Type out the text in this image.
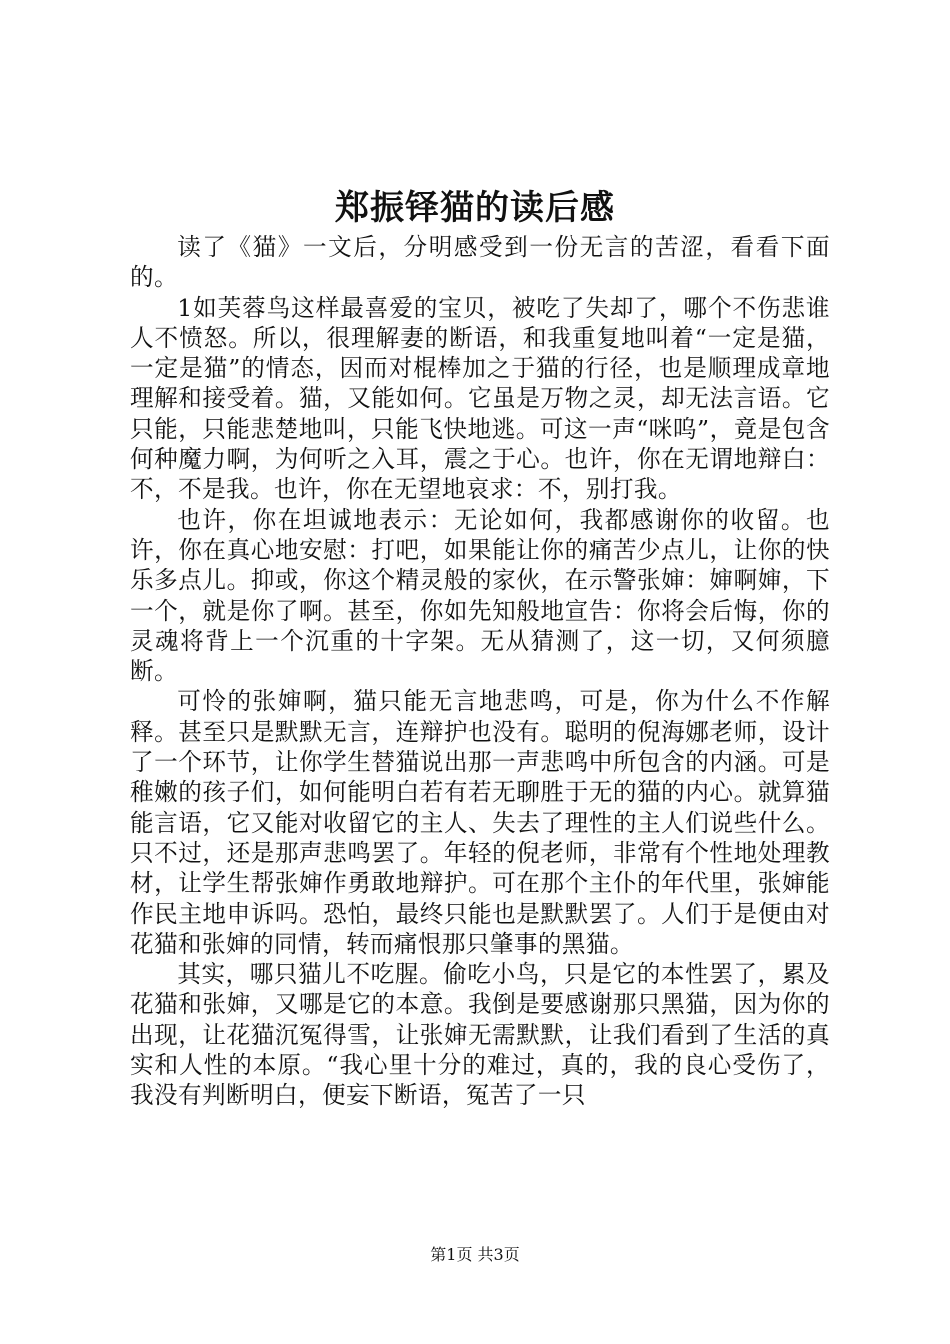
郑振铎猫的读后感

读了《猫》一文后，分明感受到一份无言的苦涩，看看下面的。

1如芙蓉鸟这样最喜爱的宝贝，被吃了失却了，哪个不伤悲谁人不愤怒。所以，很理解妻的断语，和我重复地叫着“一定是猫，一定是猫”的情态，因而对棍棒加之于猫的行径，也是顺理成章地理解和接受着。猫，又能如何。它虽是万物之灵，却无法言语。它只能，只能悲楚地叫，只能飞快地逃。可这一声“咪呜”，竟是包含何种魔力啊，为何听之入耳，震之于心。也许，你在无谓地辩白：不，不是我。也许，你在无望地哀求：不，别打我。

也许，你在坦诚地表示：无论如何，我都感谢你的收留。也许，你在真心地安慰：打吧，如果能让你的痛苦少点儿，让你的快乐多点儿。抑或，你这个精灵般的家伙，在示警张婶：婶啊婶，下一个，就是你了啊。甚至，你如先知般地宣告：你将会后悔，你的灵魂将背上一个沉重的十字架。无从猜测了，这一切，又何须臆断。

可怜的张婶啊，猫只能无言地悲鸣，可是，你为什么不作解释。甚至只是默默无言，连辩护也没有。聪明的倪海娜老师，设计了一个环节，让你学生替猫说出那一声悲鸣中所包含的内涵。可是稚嫩的孩子们，如何能明白若有若无聊胜于无的猫的内心。就算猫能言语，它又能对收留它的主人、失去了理性的主人们说些什么。只不过，还是那声悲鸣罢了。年轻的倪老师，非常有个性地处理教材，让学生帮张婶作勇敢地辩护。可在那个主仆的年代里，张婶能作民主地申诉吗。恐怕，最终只能也是默默罢了。人们于是便由对花猫和张婶的同情，转而痛恨那只肇事的黑猫。

其实，哪只猫儿不吃腥。偷吃小鸟，只是它的本性罢了，累及花猫和张婶，又哪是它的本意。我倒是要感谢那只黑猫，因为你的出现，让花猫沉冤得雪，让张婶无需默默，让我们看到了生活的真实和人性的本原。“我心里十分的难过，真的，我的良心受伤了，我没有判断明白，便妄下断语，冤苦了一只

第1页 共3页
